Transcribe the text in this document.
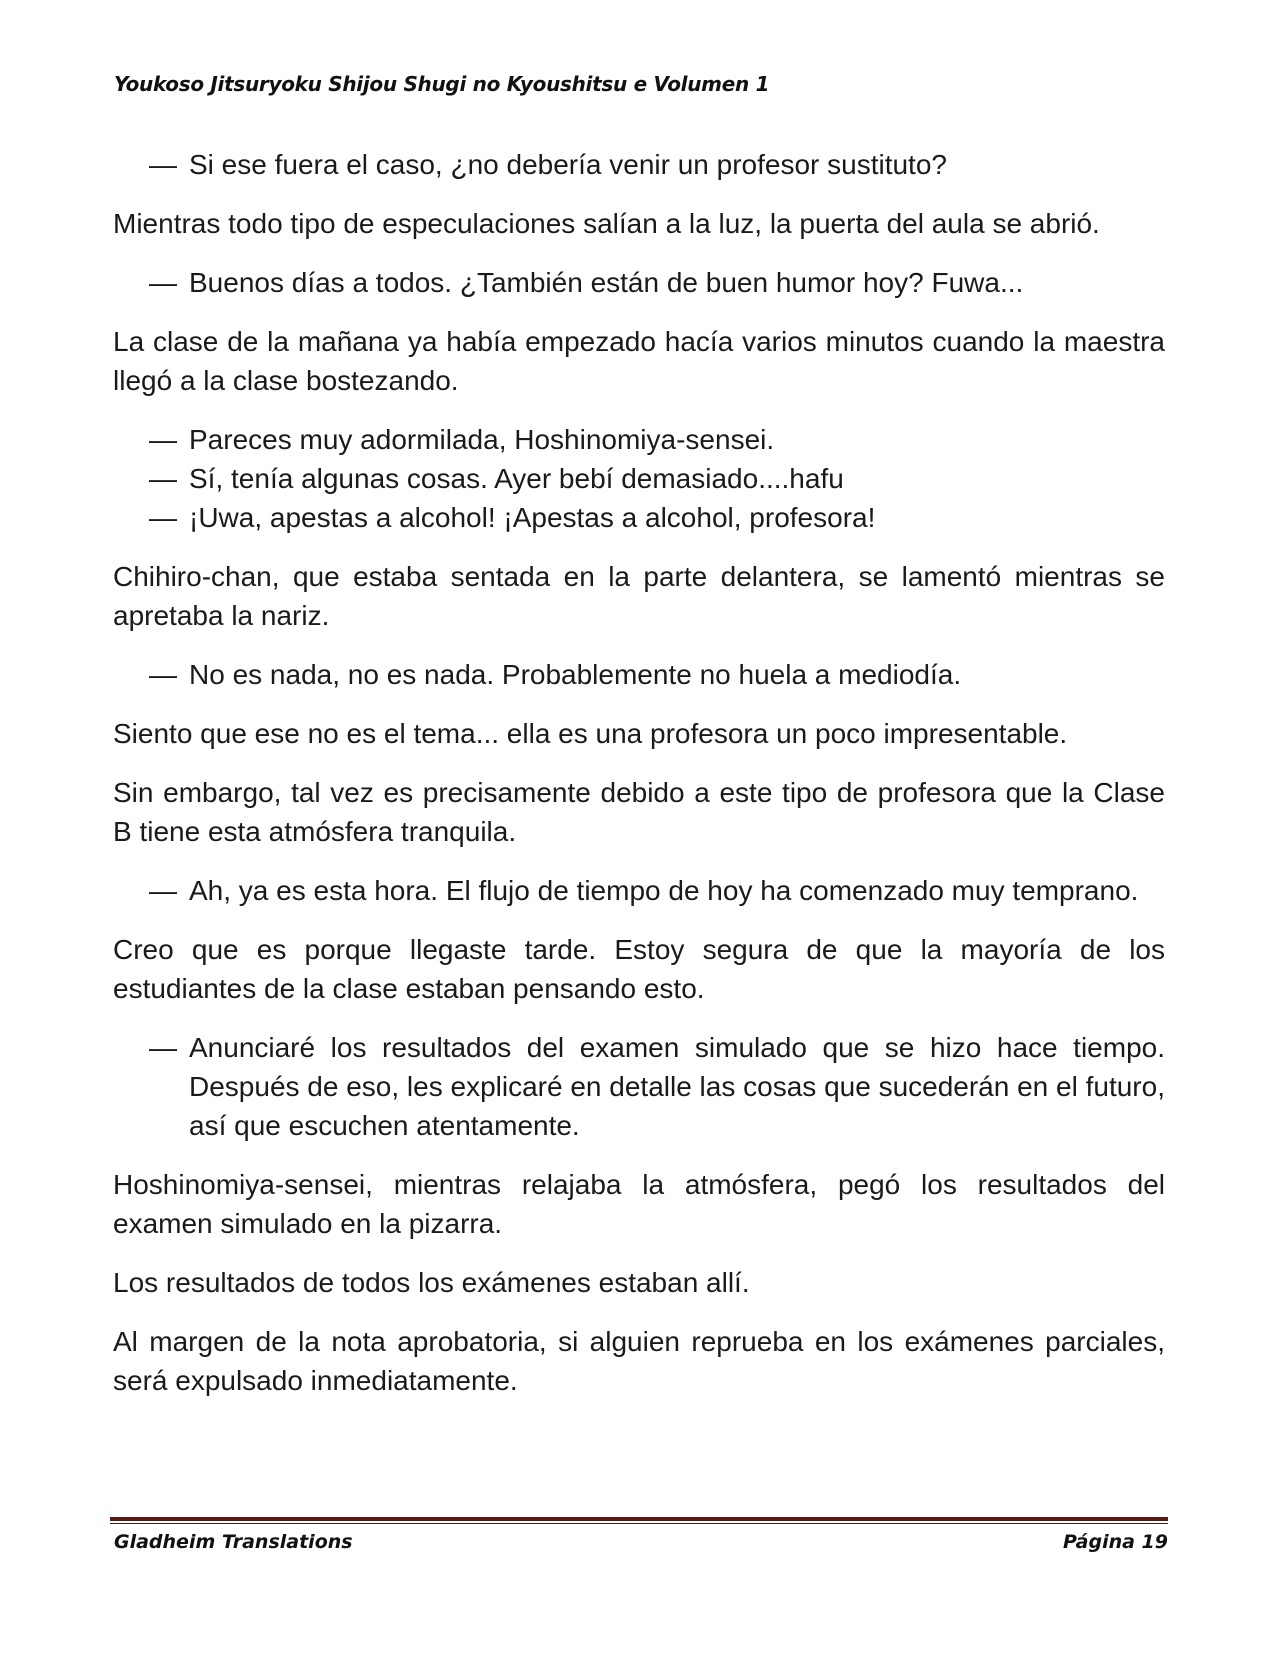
Youkoso Jitsuryoku Shijou Shugi no Kyoushitsu e Volumen 1
— Si ese fuera el caso, ¿no debería venir un profesor sustituto?

Mientras todo tipo de especulaciones salían a la luz, la puerta del aula se abrió.

— Buenos días a todos. ¿También están de buen humor hoy? Fuwa...

La clase de la mañana ya había empezado hacía varios minutos cuando la maestra llegó a la clase bostezando.

— Pareces muy adormilada, Hoshinomiya-sensei.
— Sí, tenía algunas cosas. Ayer bebí demasiado....hafu
— ¡Uwa, apestas a alcohol! ¡Apestas a alcohol, profesora!

Chihiro-chan, que estaba sentada en la parte delantera, se lamentó mientras se apretaba la nariz.

— No es nada, no es nada. Probablemente no huela a mediodía.

Siento que ese no es el tema... ella es una profesora un poco impresentable.

Sin embargo, tal vez es precisamente debido a este tipo de profesora que la Clase B tiene esta atmósfera tranquila.

— Ah, ya es esta hora. El flujo de tiempo de hoy ha comenzado muy temprano.

Creo que es porque llegaste tarde. Estoy segura de que la mayoría de los estudiantes de la clase estaban pensando esto.

— Anunciaré los resultados del examen simulado que se hizo hace tiempo. Después de eso, les explicaré en detalle las cosas que sucederán en el futuro, así que escuchen atentamente.

Hoshinomiya-sensei, mientras relajaba la atmósfera, pegó los resultados del examen simulado en la pizarra.

Los resultados de todos los exámenes estaban allí.

Al margen de la nota aprobatoria, si alguien reprueba en los exámenes parciales, será expulsado inmediatamente.

Gladheim Translations	Página 19
